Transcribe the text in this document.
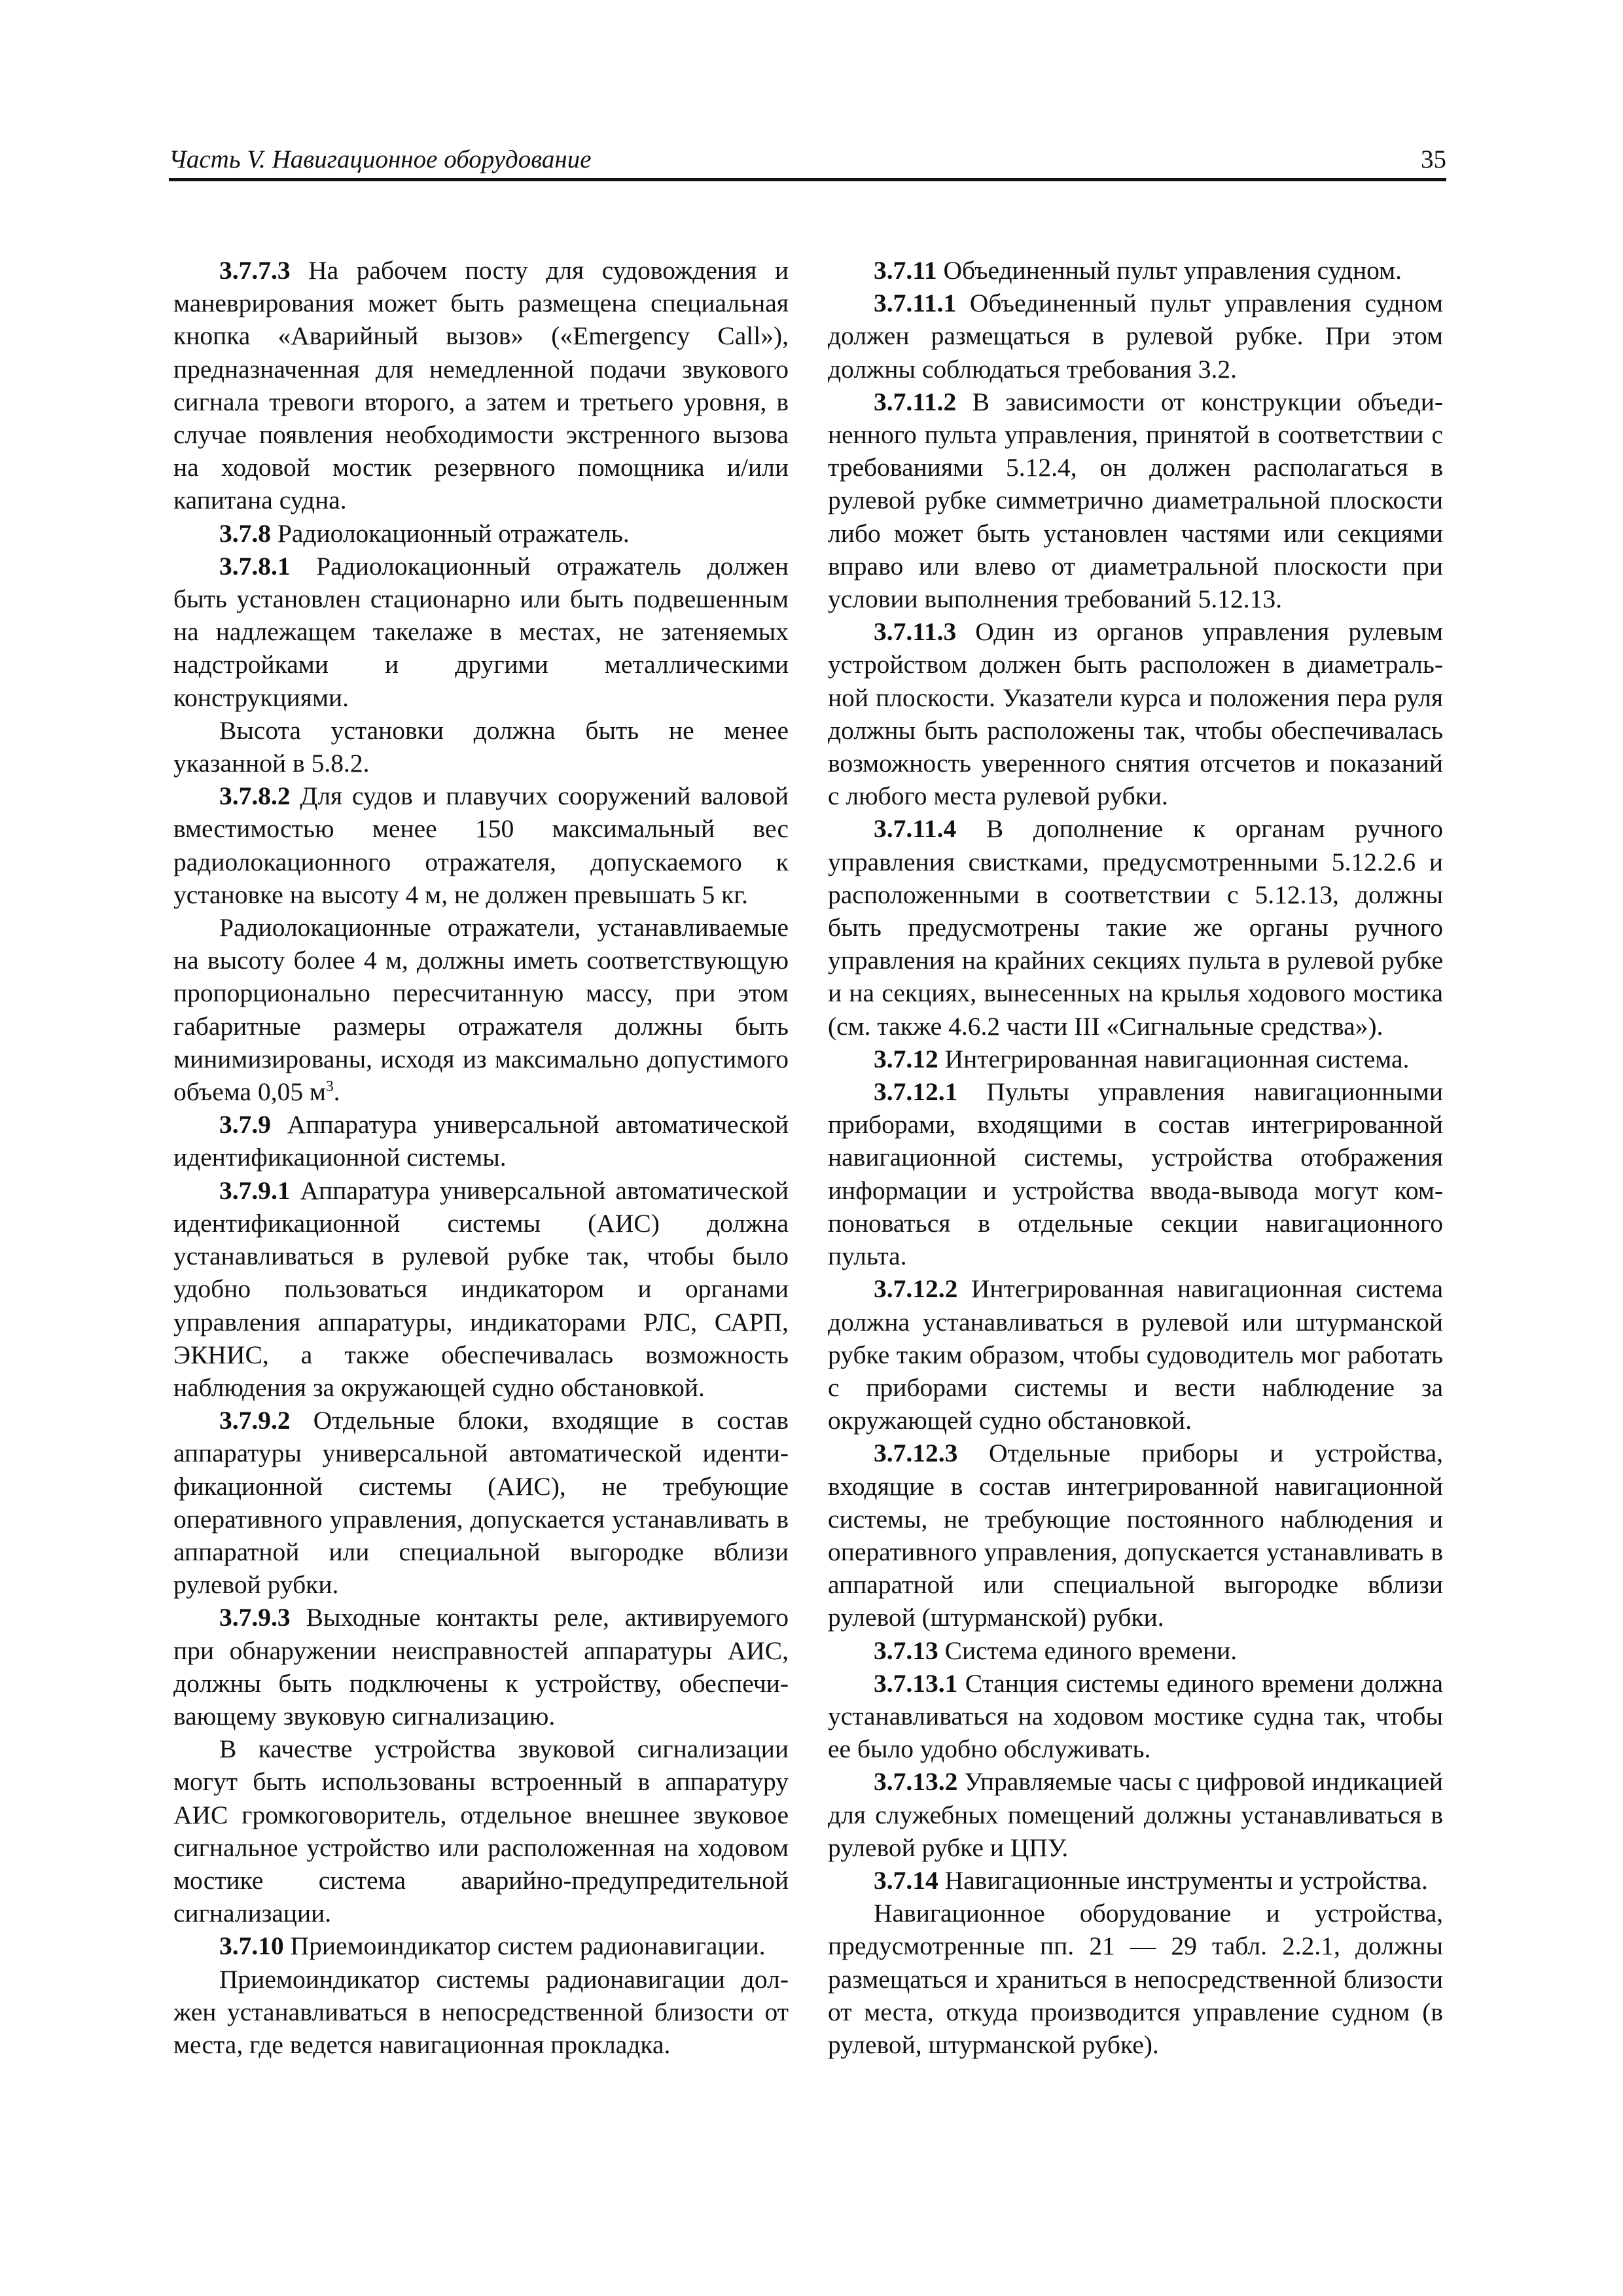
Часть V. Навигационное оборудование	35

3.7.7.3 На рабочем посту для судовождения и маневрирования может быть размещена специальная кнопка «Аварийный вызов» («Emergency Call»), предназначенная для немедленной подачи звукового сигнала тревоги второго, а затем и третьего уровня, в случае появления необходимости экстренного вызова на ходовой мостик резервного помощника и/или капитана судна.

3.7.8 Радиолокационный отражатель.

3.7.8.1 Радиолокационный отражатель должен быть установлен стационарно или быть подвешенным на надлежащем такелаже в местах, не затеняемых надстройками и другими металлическими конструкциями.

Высота установки должна быть не менее указанной в 5.8.2.

3.7.8.2 Для судов и плавучих сооружений валовой вместимостью менее 150 максимальный вес радиолокационного отражателя, допускаемого к установке на высоту 4 м, не должен превышать 5 кг.

Радиолокационные отражатели, устанавливаемые на высоту более 4 м, должны иметь соответствующую пропорционально пересчитанную массу, при этом габаритные размеры отражателя должны быть минимизированы, исходя из максимально допустимого объема 0,05 $м^3$.

3.7.9 Аппаратура универсальной автоматической идентификационной системы.

3.7.9.1 Аппаратура универсальной автоматической идентификационной системы (АИС) должна устанавливаться в рулевой рубке так, чтобы было удобно пользоваться индикатором и органами управления аппаратуры, индикаторами РЛС, САРП, ЭКНИС, а также обеспечивалась возможность наблюдения за окружающей судно обстановкой.

3.7.9.2 Отдельные блоки, входящие в состав аппаратуры универсальной автоматической идентификационной системы (АИС), не требующие оперативного управления, допускается устанавливать в аппаратной или специальной выгородке вблизи рулевой рубки.

3.7.9.3 Выходные контакты реле, активируемого при обнаружении неисправностей аппаратуры АИС, должны быть подключены к устройству, обеспечивающему звуковую сигнализацию.

В качестве устройства звуковой сигнализации могут быть использованы встроенный в аппаратуру АИС громкоговоритель, отдельное внешнее звуковое сигнальное устройство или расположенная на ходовом мостике система аварийно-предупредительной сигнализации.

3.7.10 Приемоиндикатор систем радионавигации.

Приемоиндикатор системы радионавигации должен устанавливаться в непосредственной близости от места, где ведется навигационная прокладка.

3.7.11 Объединенный пульт управления судном.

3.7.11.1 Объединенный пульт управления судном должен размещаться в рулевой рубке. При этом должны соблюдаться требования 3.2.

3.7.11.2 В зависимости от конструкции объединенного пульта управления, принятой в соответствии с требованиями 5.12.4, он должен располагаться в рулевой рубке симметрично диаметральной плоскости либо может быть установлен частями или секциями вправо или влево от диаметральной плоскости при условии выполнения требований 5.12.13.

3.7.11.3 Один из органов управления рулевым устройством должен быть расположен в диаметральной плоскости. Указатели курса и положения пера руля должны быть расположены так, чтобы обеспечивалась возможность уверенного снятия отсчетов и показаний с любого места рулевой рубки.

3.7.11.4 В дополнение к органам ручного управления свистками, предусмотренными 5.12.2.6 и расположенными в соответствии с 5.12.13, должны быть предусмотрены такие же органы ручного управления на крайних секциях пульта в рулевой рубке и на секциях, вынесенных на крылья ходового мостика (см. также 4.6.2 части III «Сигнальные средства»).

3.7.12 Интегрированная навигационная система.

3.7.12.1 Пульты управления навигационными приборами, входящими в состав интегрированной навигационной системы, устройства отображения информации и устройства ввода-вывода могут компоноваться в отдельные секции навигационного пульта.

3.7.12.2 Интегрированная навигационная система должна устанавливаться в рулевой или штурманской рубке таким образом, чтобы судоводитель мог работать с приборами системы и вести наблюдение за окружающей судно обстановкой.

3.7.12.3 Отдельные приборы и устройства, входящие в состав интегрированной навигационной системы, не требующие постоянного наблюдения и оперативного управления, допускается устанавливать в аппаратной или специальной выгородке вблизи рулевой (штурманской) рубки.

3.7.13 Система единого времени.

3.7.13.1 Станция системы единого времени должна устанавливаться на ходовом мостике судна так, чтобы ее было удобно обслуживать.

3.7.13.2 Управляемые часы с цифровой индикацией для служебных помещений должны устанавливаться в рулевой рубке и ЦПУ.

3.7.14 Навигационные инструменты и устройства.

Навигационное оборудование и устройства, предусмотренные пп. 21 — 29 табл. 2.2.1, должны размещаться и храниться в непосредственной близости от места, откуда производится управление судном (в рулевой, штурманской рубке).
